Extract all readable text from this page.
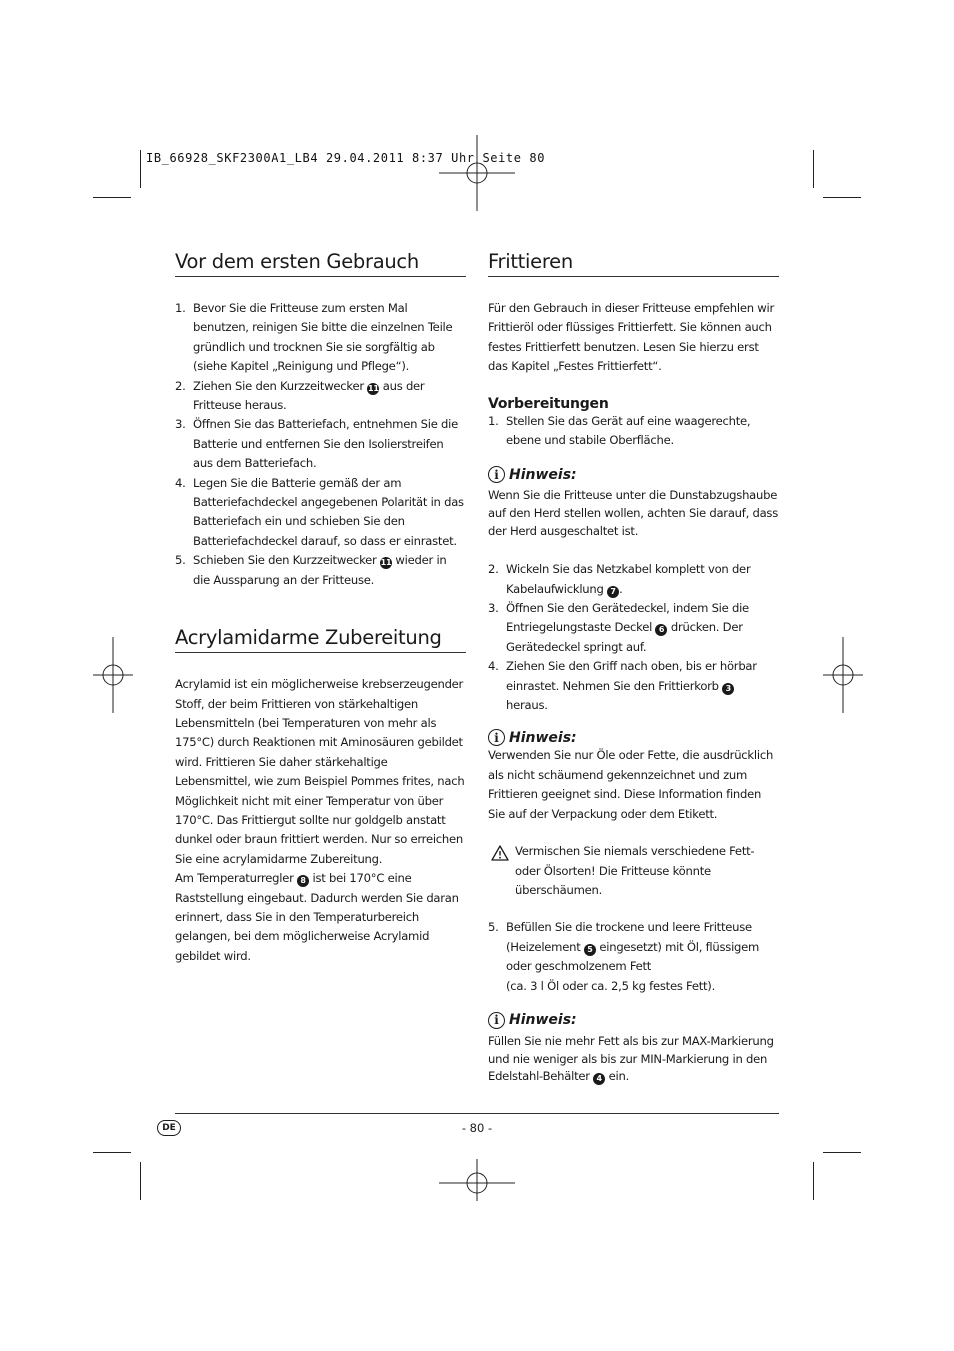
IB_66928_SKF2300A1_LB4 29.04.2011 8:37 Uhr Seite 80
Vor dem ersten Gebrauch
1. Bevor Sie die Fritteuse zum ersten Mal benutzen, reinigen Sie bitte die einzelnen Teile gründlich und trocknen Sie sie sorgfältig ab (siehe Kapitel „Reinigung und Pflege“).
2. Ziehen Sie den Kurzzeitwecker 11 aus der Fritteuse heraus.
3. Öffnen Sie das Batteriefach, entnehmen Sie die Batterie und entfernen Sie den Isolierstreifen aus dem Batteriefach.
4. Legen Sie die Batterie gemäß der am Batteriefachdeckel angegebenen Polarität in das Batteriefach ein und schieben Sie den Batteriefachdeckel darauf, so dass er einrastet.
5. Schieben Sie den Kurzzeitwecker 11 wieder in die Aussparung an der Fritteuse.
Acrylamidarme Zubereitung
Acrylamid ist ein möglicherweise krebserzeugender Stoff, der beim Frittieren von stärkehaltigen Lebensmitteln (bei Temperaturen von mehr als 175°C) durch Reaktionen mit Aminosäuren gebildet wird. Frittieren Sie daher stärkehaltige Lebensmittel, wie zum Beispiel Pommes frites, nach Möglichkeit nicht mit einer Temperatur von über 170°C. Das Frittiergut sollte nur goldgelb anstatt dunkel oder braun frittiert werden. Nur so erreichen Sie eine acrylamidarme Zubereitung.
Am Temperaturregler 8 ist bei 170°C eine Raststellung eingebaut. Dadurch werden Sie daran erinnert, dass Sie in den Temperaturbereich gelangen, bei dem möglicherweise Acrylamid gebildet wird.
Frittieren
Für den Gebrauch in dieser Fritteuse empfehlen wir Frittieröl oder flüssiges Frittierfett. Sie können auch festes Frittierfett benutzen. Lesen Sie hierzu erst das Kapitel „Festes Frittierfett“.
Vorbereitungen
1. Stellen Sie das Gerät auf eine waagerechte, ebene und stabile Oberfläche.
i Hinweis:
Wenn Sie die Fritteuse unter die Dunstabzugshaube auf den Herd stellen wollen, achten Sie darauf, dass der Herd ausgeschaltet ist.
2. Wickeln Sie das Netzkabel komplett von der Kabelaufwicklung 7 .
3. Öffnen Sie den Gerätedeckel, indem Sie die Entriegelungstaste Deckel 6 drücken. Der Gerätedeckel springt auf.
4. Ziehen Sie den Griff nach oben, bis er hörbar einrastet. Nehmen Sie den Frittierkorb 3 heraus.
i Hinweis:
Verwenden Sie nur Öle oder Fette, die ausdrücklich als nicht schäumend gekennzeichnet und zum Frittieren geeignet sind. Diese Information finden Sie auf der Verpackung oder dem Etikett.
Vermischen Sie niemals verschiedene Fett- oder Ölsorten! Die Fritteuse könnte überschäumen.
5. Befüllen Sie die trockene und leere Fritteuse (Heizelement 5 eingesetzt) mit Öl, flüssigem oder geschmolzenem Fett
(ca. 3 l Öl oder ca. 2,5 kg festes Fett).
i Hinweis:
Füllen Sie nie mehr Fett als bis zur MAX-Markierung und nie weniger als bis zur MIN-Markierung in den Edelstahl-Behälter 4 ein.
DE	- 80 -
